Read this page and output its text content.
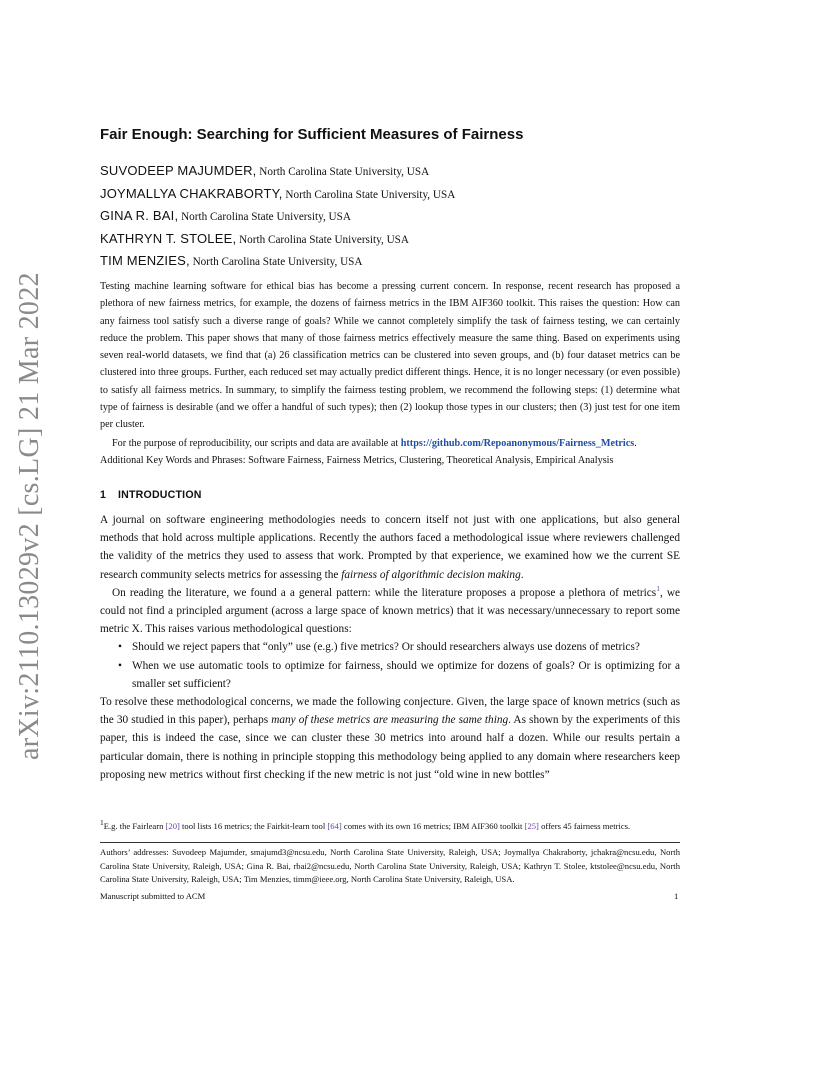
arXiv:2110.13029v2 [cs.LG] 21 Mar 2022
Fair Enough: Searching for Sufficient Measures of Fairness
SUVODEEP MAJUMDER, North Carolina State University, USA
JOYMALLYA CHAKRABORTY, North Carolina State University, USA
GINA R. BAI, North Carolina State University, USA
KATHRYN T. STOLEE, North Carolina State University, USA
TIM MENZIES, North Carolina State University, USA

Testing machine learning software for ethical bias has become a pressing current concern. In response, recent research has proposed a plethora of new fairness metrics, for example, the dozens of fairness metrics in the IBM AIF360 toolkit. This raises the question: How can any fairness tool satisfy such a diverse range of goals? While we cannot completely simplify the task of fairness testing, we can certainly reduce the problem. This paper shows that many of those fairness metrics effectively measure the same thing. Based on experiments using seven real-world datasets, we find that (a) 26 classification metrics can be clustered into seven groups, and (b) four dataset metrics can be clustered into three groups. Further, each reduced set may actually predict different things. Hence, it is no longer necessary (or even possible) to satisfy all fairness metrics. In summary, to simplify the fairness testing problem, we recommend the following steps: (1) determine what type of fairness is desirable (and we offer a handful of such types); then (2) lookup those types in our clusters; then (3) just test for one item per cluster.

For the purpose of reproducibility, our scripts and data are available at https://github.com/Repoanonymous/Fairness_Metrics.

Additional Key Words and Phrases: Software Fairness, Fairness Metrics, Clustering, Theoretical Analysis, Empirical Analysis
1 INTRODUCTION

A journal on software engineering methodologies needs to concern itself not just with one applications, but also general methods that hold across multiple applications. Recently the authors faced a methodological issue where reviewers challenged the validity of the metrics they used to assess that work. Prompted by that experience, we examined how we the current SE research community selects metrics for assessing the fairness of algorithmic decision making.

On reading the literature, we found a a general pattern: while the literature proposes a propose a plethora of metrics$^1$, we could not find a principled argument (across a large space of known metrics) that it was necessary/unnecessary to report some metric X. This raises various methodological questions:

• Should we reject papers that “only” use (e.g.) five metrics? Or should researchers always use dozens of metrics?
• When we use automatic tools to optimize for fairness, should we optimize for dozens of goals? Or is optimizing for a smaller set sufficient?

To resolve these methodological concerns, we made the following conjecture. Given, the large space of known metrics (such as the 30 studied in this paper), perhaps many of these metrics are measuring the same thing. As shown by the experiments of this paper, this is indeed the case, since we can cluster these 30 metrics into around half a dozen. While our results pertain a particular domain, there is nothing in principle stopping this methodology being applied to any domain where researchers keep proposing new metrics without first checking if the new metric is not just “old wine in new bottles”

$^1$E.g. the Fairlearn [20] tool lists 16 metrics; the Fairkit-learn tool [64] comes with its own 16 metrics; IBM AIF360 toolkit [25] offers 45 fairness metrics.
Authors’ addresses: Suvodeep Majumder, smajumd3@ncsu.edu, North Carolina State University, Raleigh, USA; Joymallya Chakraborty, jchakra@ncsu.edu, North Carolina State University, Raleigh, USA; Gina R. Bai, rbai2@ncsu.edu, North Carolina State University, Raleigh, USA; Kathryn T. Stolee, ktstolee@ncsu.edu, North Carolina State University, Raleigh, USA; Tim Menzies, timm@ieee.org, North Carolina State University, Raleigh, USA.
Manuscript submitted to ACM	1
